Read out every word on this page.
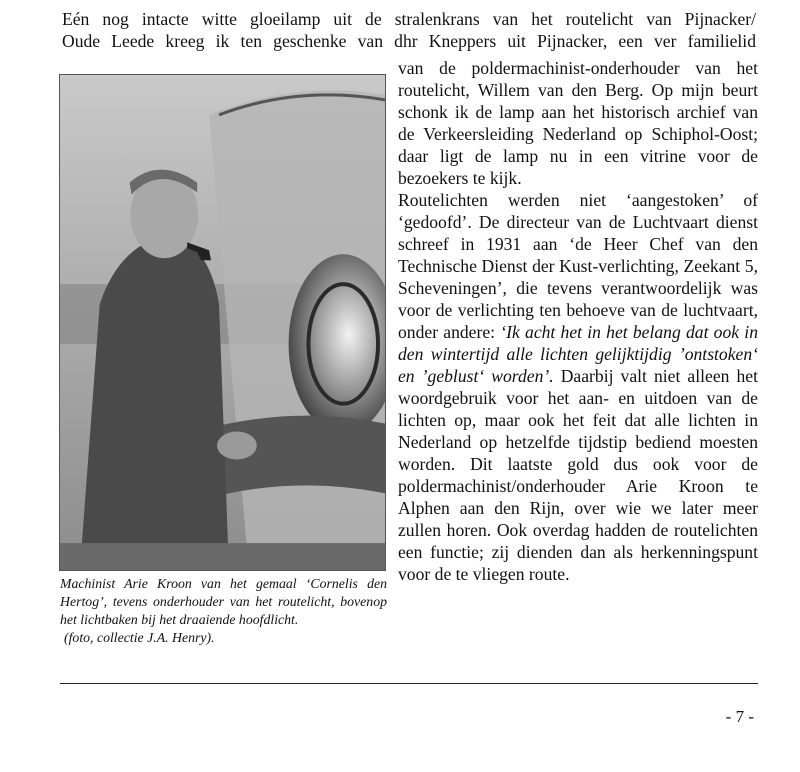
Eén nog intacte witte gloeilamp uit de stralenkrans van het routelicht van Pijnacker/
Oude Leede kreeg ik ten geschenke van dhr Kneppers uit Pijnacker, een ver familielid

van de poldermachinist-onderhouder van het routelicht, Willem van den Berg. Op mijn beurt schonk ik de lamp aan het historisch archief van de Verkeersleiding Nederland op Schiphol-Oost; daar ligt de lamp nu in een vitrine voor de bezoekers te kijk.

Routelichten werden niet ‘aangestoken’ of ‘gedoofd’. De directeur van de Luchtvaart dienst schreef in 1931 aan ‘de Heer Chef van den Technische Dienst der Kust-verlichting, Zeekant 5, Scheveningen’, die tevens verantwoordelijk was voor de verlichting ten behoeve van de luchtvaart, onder andere: ‘Ik acht het in het belang dat ook in den wintertijd alle lichten gelijktijdig ’ontstoken‘ en ’geblust‘ worden’. Daarbij valt niet alleen het woordgebruik voor het aan- en uitdoen van de lichten op, maar ook het feit dat alle lichten in Nederland op hetzelfde tijdstip bediend moesten worden. Dit laatste gold dus ook voor de poldermachinist/onderhouder Arie Kroon te Alphen aan den Rijn, over wie we later meer zullen horen. Ook overdag hadden de routelichten een functie; zij dienden dan als herkenningspunt voor de te vliegen route.

Machinist Arie Kroon van het gemaal ‘Cornelis den Hertog’, tevens onderhouder van het routelicht, bovenop het lichtbaken bij het draaiende hoofdlicht.

(foto, collectie J.A. Henry).

- 7 -
